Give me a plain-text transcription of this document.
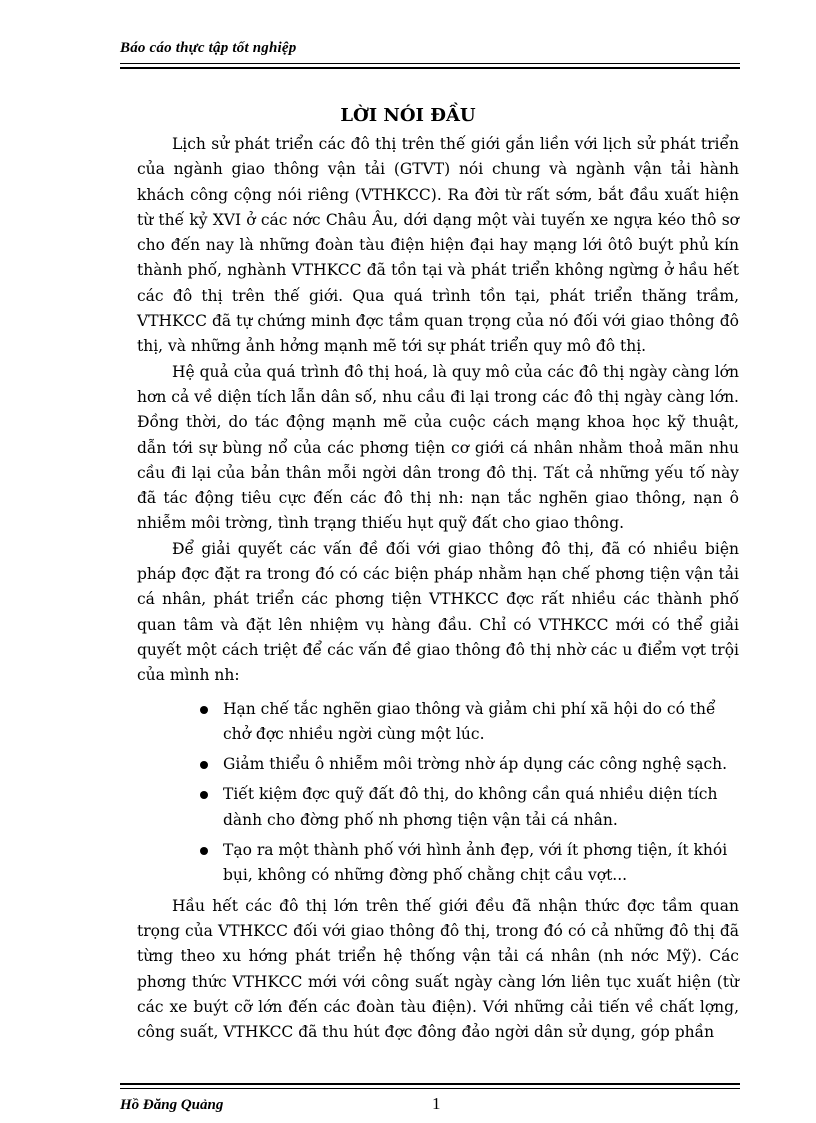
Báo cáo thực tập tốt nghiệp
LỜI NÓI ĐẦU

Lịch sử phát triển các đô thị trên thế giới gắn liền với lịch sử phát triển của ngành giao thông vận tải (GTVT) nói chung và ngành vận tải hành khách công cộng nói riêng (VTHKCC). Ra đời từ rất sớm, bắt đầu xuất hiện từ thế kỷ XVI ở các nớc Châu Âu, dới dạng một vài tuyến xe ngựa kéo thô sơ cho đến nay là những đoàn tàu điện hiện đại hay mạng lới ôtô buýt phủ kín thành phố, nghành VTHKCC đã tồn tại và phát triển không ngừng ở hầu hết các đô thị trên thế giới. Qua quá trình tồn tại, phát triển thăng trầm, VTHKCC đã tự chứng minh đợc tầm quan trọng của nó đối với giao thông đô thị, và những ảnh hởng mạnh mẽ tới sự phát triển quy mô đô thị.

Hệ quả của quá trình đô thị hoá, là quy mô của các đô thị ngày càng lớn hơn cả về diện tích lẫn dân số, nhu cầu đi lại trong các đô thị ngày càng lớn. Đồng thời, do tác động mạnh mẽ của cuộc cách mạng khoa học kỹ thuật, dẫn tới sự bùng nổ của các phơng tiện cơ giới cá nhân nhằm thoả mãn nhu cầu đi lại của bản thân mỗi ngời dân trong đô thị. Tất cả những yếu tố này đã tác động tiêu cực đến các đô thị nh: nạn tắc nghẽn giao thông, nạn ô nhiễm môi trờng, tình trạng thiếu hụt quỹ đất cho giao thông.

Để giải quyết các vấn đề đối với giao thông đô thị, đã có nhiều biện pháp đợc đặt ra trong đó có các biện pháp nhằm hạn chế phơng tiện vận tải cá nhân, phát triển các phơng tiện VTHKCC đợc rất nhiều các thành phố quan tâm và đặt lên nhiệm vụ hàng đầu. Chỉ có VTHKCC mới có thể giải quyết một cách triệt để các vấn đề giao thông đô thị nhờ các u điểm vợt trội của mình nh:

Hạn chế tắc nghẽn giao thông và giảm chi phí xã hội do có thể chở đợc nhiều ngời cùng một lúc.
Giảm thiểu ô nhiễm môi trờng nhờ áp dụng các công nghệ sạch.
Tiết kiệm đợc quỹ đất đô thị, do không cần quá nhiều diện tích dành cho đờng phố nh phơng tiện vận tải cá nhân.
Tạo ra một thành phố với hình ảnh đẹp, với ít phơng tiện, ít khói bụi, không có những đờng phố chằng chịt cầu vợt...

Hầu hết các đô thị lớn trên thế giới đều đã nhận thức đợc tầm quan trọng của VTHKCC đối với giao thông đô thị, trong đó có cả những đô thị đã từng theo xu hớng phát triển hệ thống vận tải cá nhân (nh nớc Mỹ). Các phơng thức VTHKCC mới với công suất ngày càng lớn liên tục xuất hiện (từ các xe buýt cỡ lớn đến các đoàn tàu điện). Với những cải tiến về chất lợng, công suất, VTHKCC đã thu hút đợc đông đảo ngời dân sử dụng, góp phần

Hồ Đăng Quảng	1
